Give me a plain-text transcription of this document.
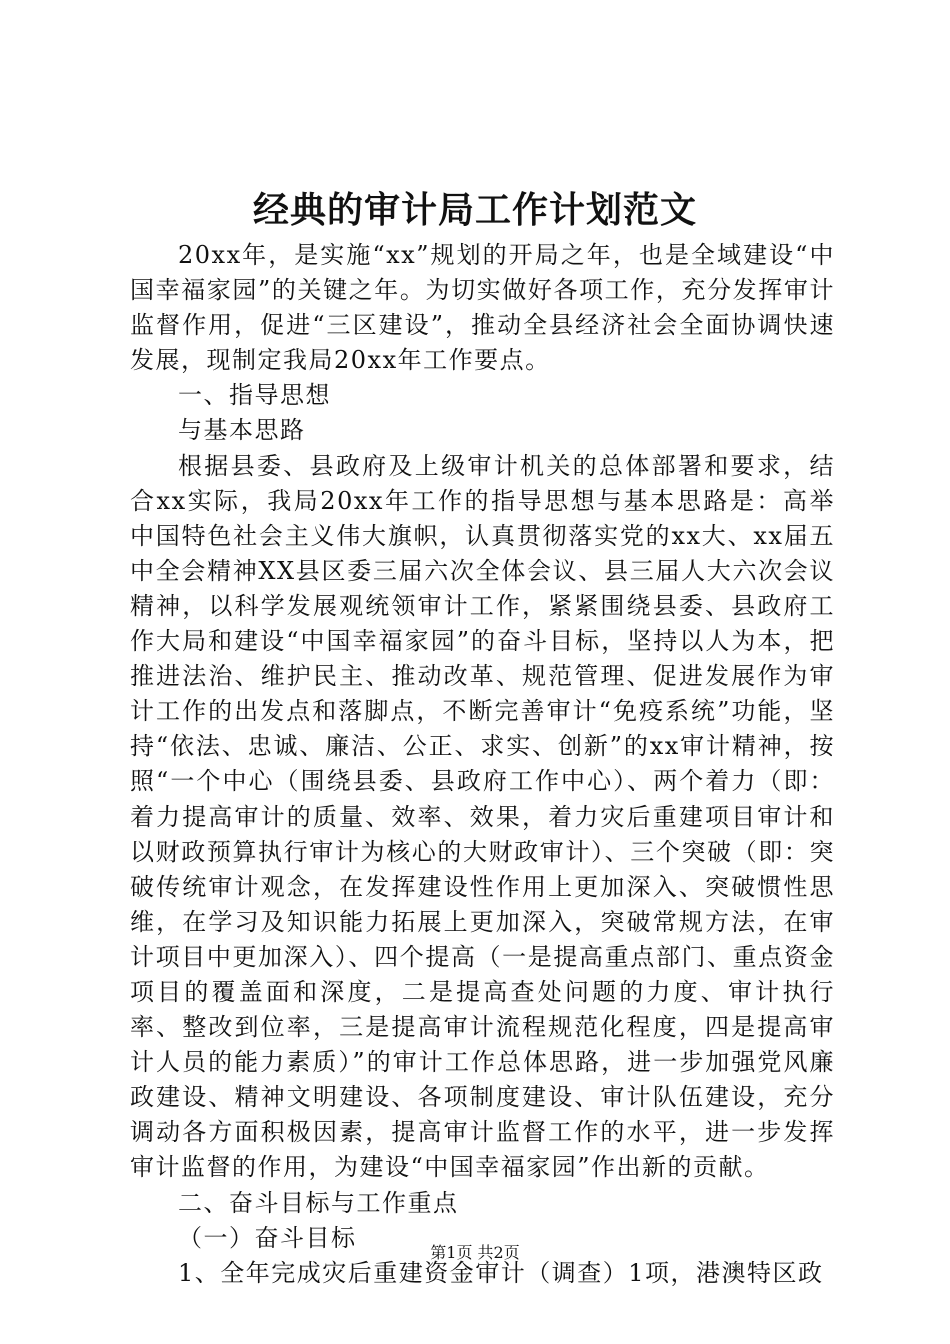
经典的审计局工作计划范文

20xx年，是实施“xx”规划的开局之年，也是全域建设“中国幸福家园”的关键之年。为切实做好各项工作，充分发挥审计监督作用，促进“三区建设”，推动全县经济社会全面协调快速发展，现制定我局20xx年工作要点。

一、指导思想

与基本思路

根据县委、县政府及上级审计机关的总体部署和要求，结合xx实际，我局20xx年工作的指导思想与基本思路是：高举中国特色社会主义伟大旗帜，认真贯彻落实党的xx大、xx届五中全会精神XX县区委三届六次全体会议、县三届人大六次会议精神，以科学发展观统领审计工作，紧紧围绕县委、县政府工作大局和建设“中国幸福家园”的奋斗目标，坚持以人为本，把推进法治、维护民主、推动改革、规范管理、促进发展作为审计工作的出发点和落脚点，不断完善审计“免疫系统”功能，坚持“依法、忠诚、廉洁、公正、求实、创新”的xx审计精神，按照“一个中心（围绕县委、县政府工作中心）、两个着力（即：着力提高审计的质量、效率、效果，着力灾后重建项目审计和以财政预算执行审计为核心的大财政审计）、三个突破（即：突破传统审计观念，在发挥建设性作用上更加深入、突破惯性思维，在学习及知识能力拓展上更加深入，突破常规方法，在审计项目中更加深入）、四个提高（一是提高重点部门、重点资金项目的覆盖面和深度，二是提高查处问题的力度、审计执行率、整改到位率，三是提高审计流程规范化程度，四是提高审计人员的能力素质）”的审计工作总体思路，进一步加强党风廉政建设、精神文明建设、各项制度建设、审计队伍建设，充分调动各方面积极因素，提高审计监督工作的水平，进一步发挥审计监督的作用，为建设“中国幸福家园”作出新的贡献。

二、奋斗目标与工作重点

（一）奋斗目标

1、全年完成灾后重建资金审计（调查）1项，港澳特区政

第1页 共2页
